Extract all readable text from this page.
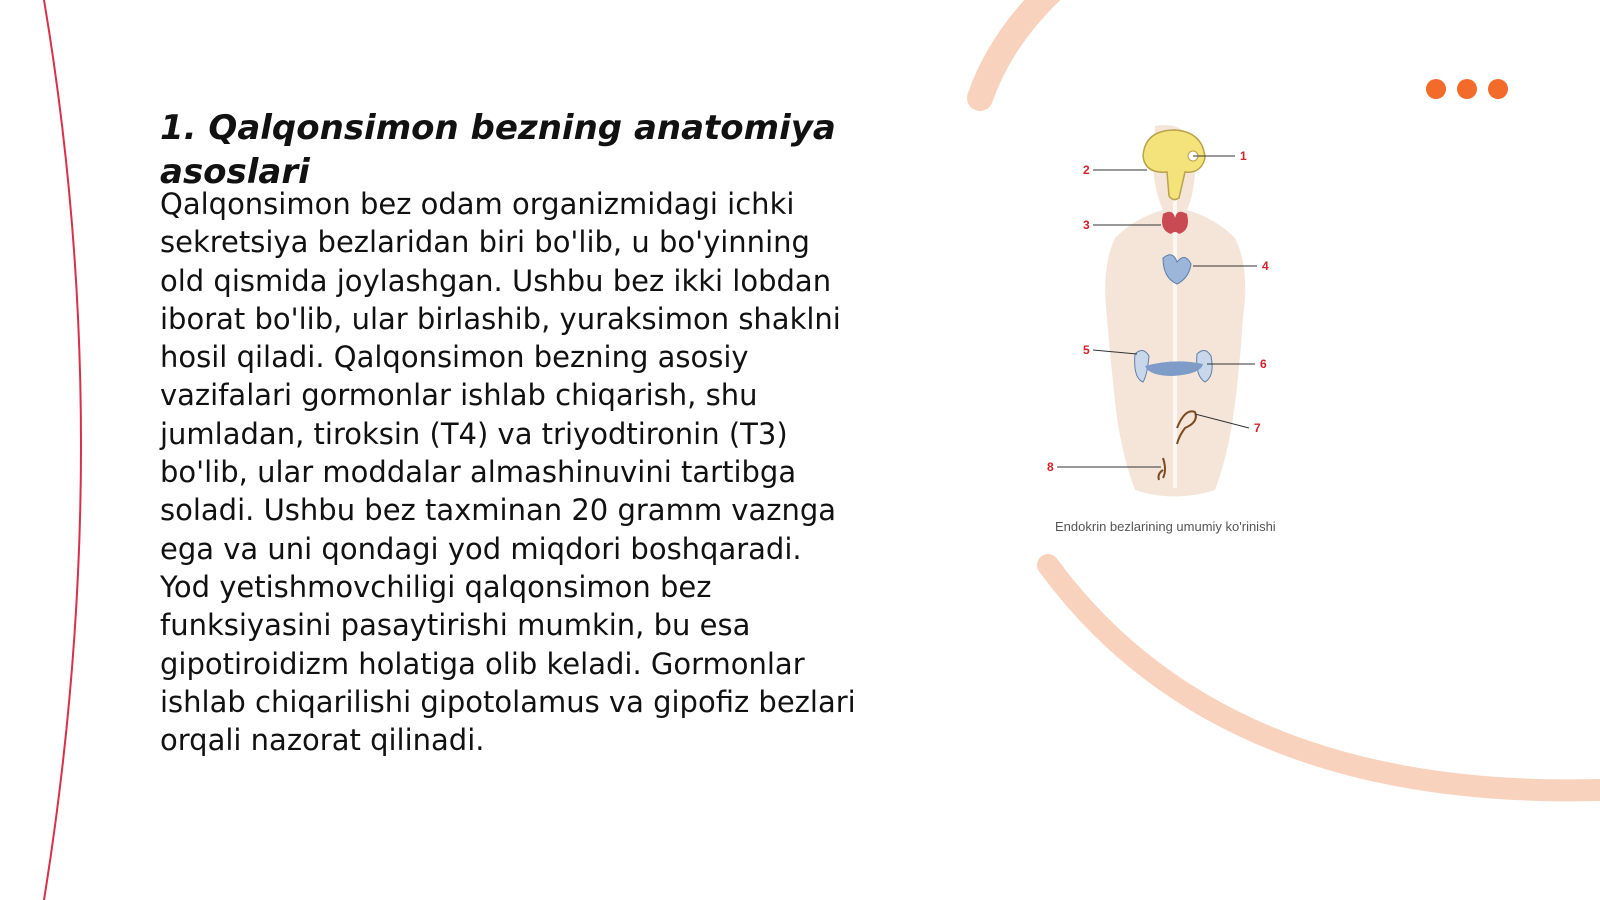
1. Qalqonsimon bezning anatomiya asoslari

Qalqonsimon bez odam organizmidagi ichki sekretsiya bezlaridan biri bo'lib, u bo'yinning old qismida joylashgan. Ushbu bez ikki lobdan iborat bo'lib, ular birlashib, yuraksimon shaklni hosil qiladi. Qalqonsimon bezning asosiy vazifalari gormonlar ishlab chiqarish, shu jumladan, tiroksin (T4) va triyodtironin (T3) bo'lib, ular moddalar almashinuvini tartibga soladi. Ushbu bez taxminan 20 gramm vaznga ega va uni qondagi yod miqdori boshqaradi. Yod yetishmovchiligi qalqonsimon bez funksiyasini pasaytirishi mumkin, bu esa gipotiroidizm holatiga olib keladi. Gormonlar ishlab chiqarilishi gipotolamus va gipofiz bezlari orqali nazorat qilinadi.

1
2
3
4
5
6
7
8
Endokrin bezlarining umumiy ko'rinishi
